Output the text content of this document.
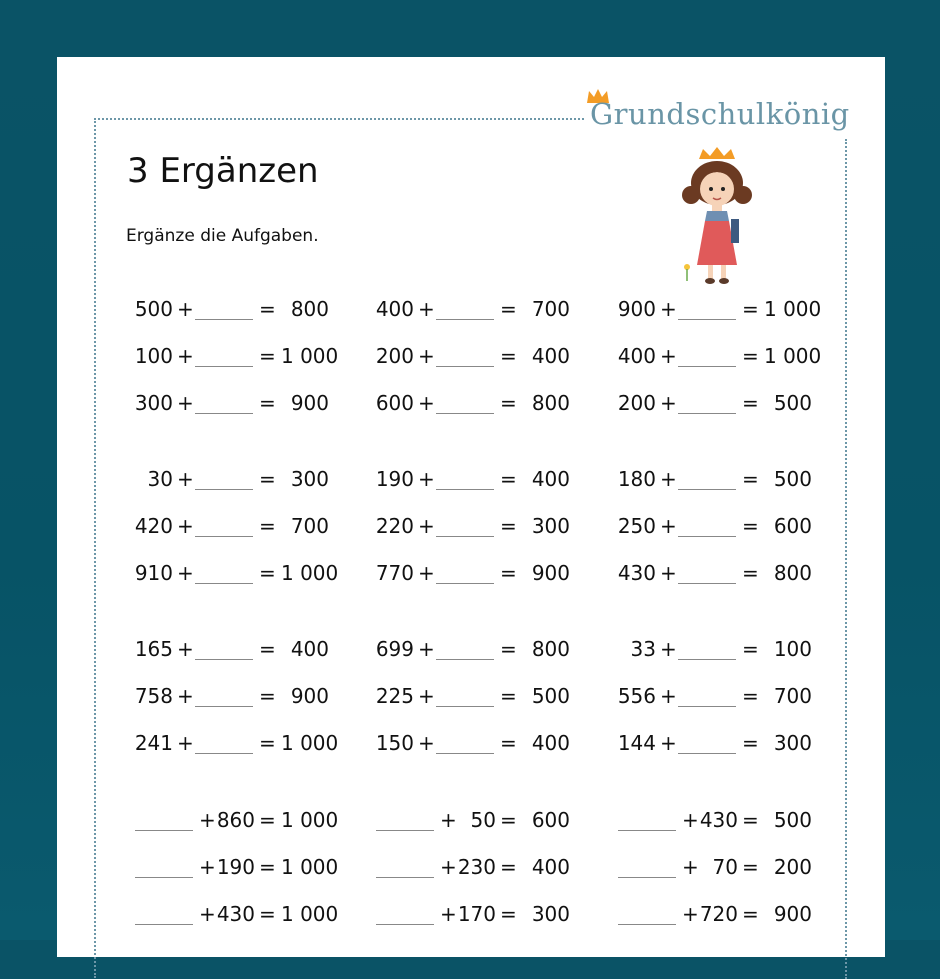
Grundschulkönig
3 Ergänzen
Ergänze die Aufgaben.
500 +	= 800	400 +	= 700	900 +	= 1 000
100 +	= 1 000	200 +	= 400	400 +	= 1 000
300 +	= 900	600 +	= 800	200 +	= 500
30 +	= 300	190 +	= 400	180 +	= 500
420 +	= 700	220 +	= 300	250 +	= 600
910 +	= 1 000	770 +	= 900	430 +	= 800
165 +	= 400	699 +	= 800	33 +	= 100
758 +	= 900	225 +	= 500	556 +	= 700
241 +	= 1 000	150 +	= 400	144 +	= 300
+ 860 = 1 000	+ 50 = 600	+ 430 = 500
+ 190 = 1 000	+ 230 = 400	+ 70 = 200
+ 430 = 1 000	+ 170 = 300	+ 720 = 900
